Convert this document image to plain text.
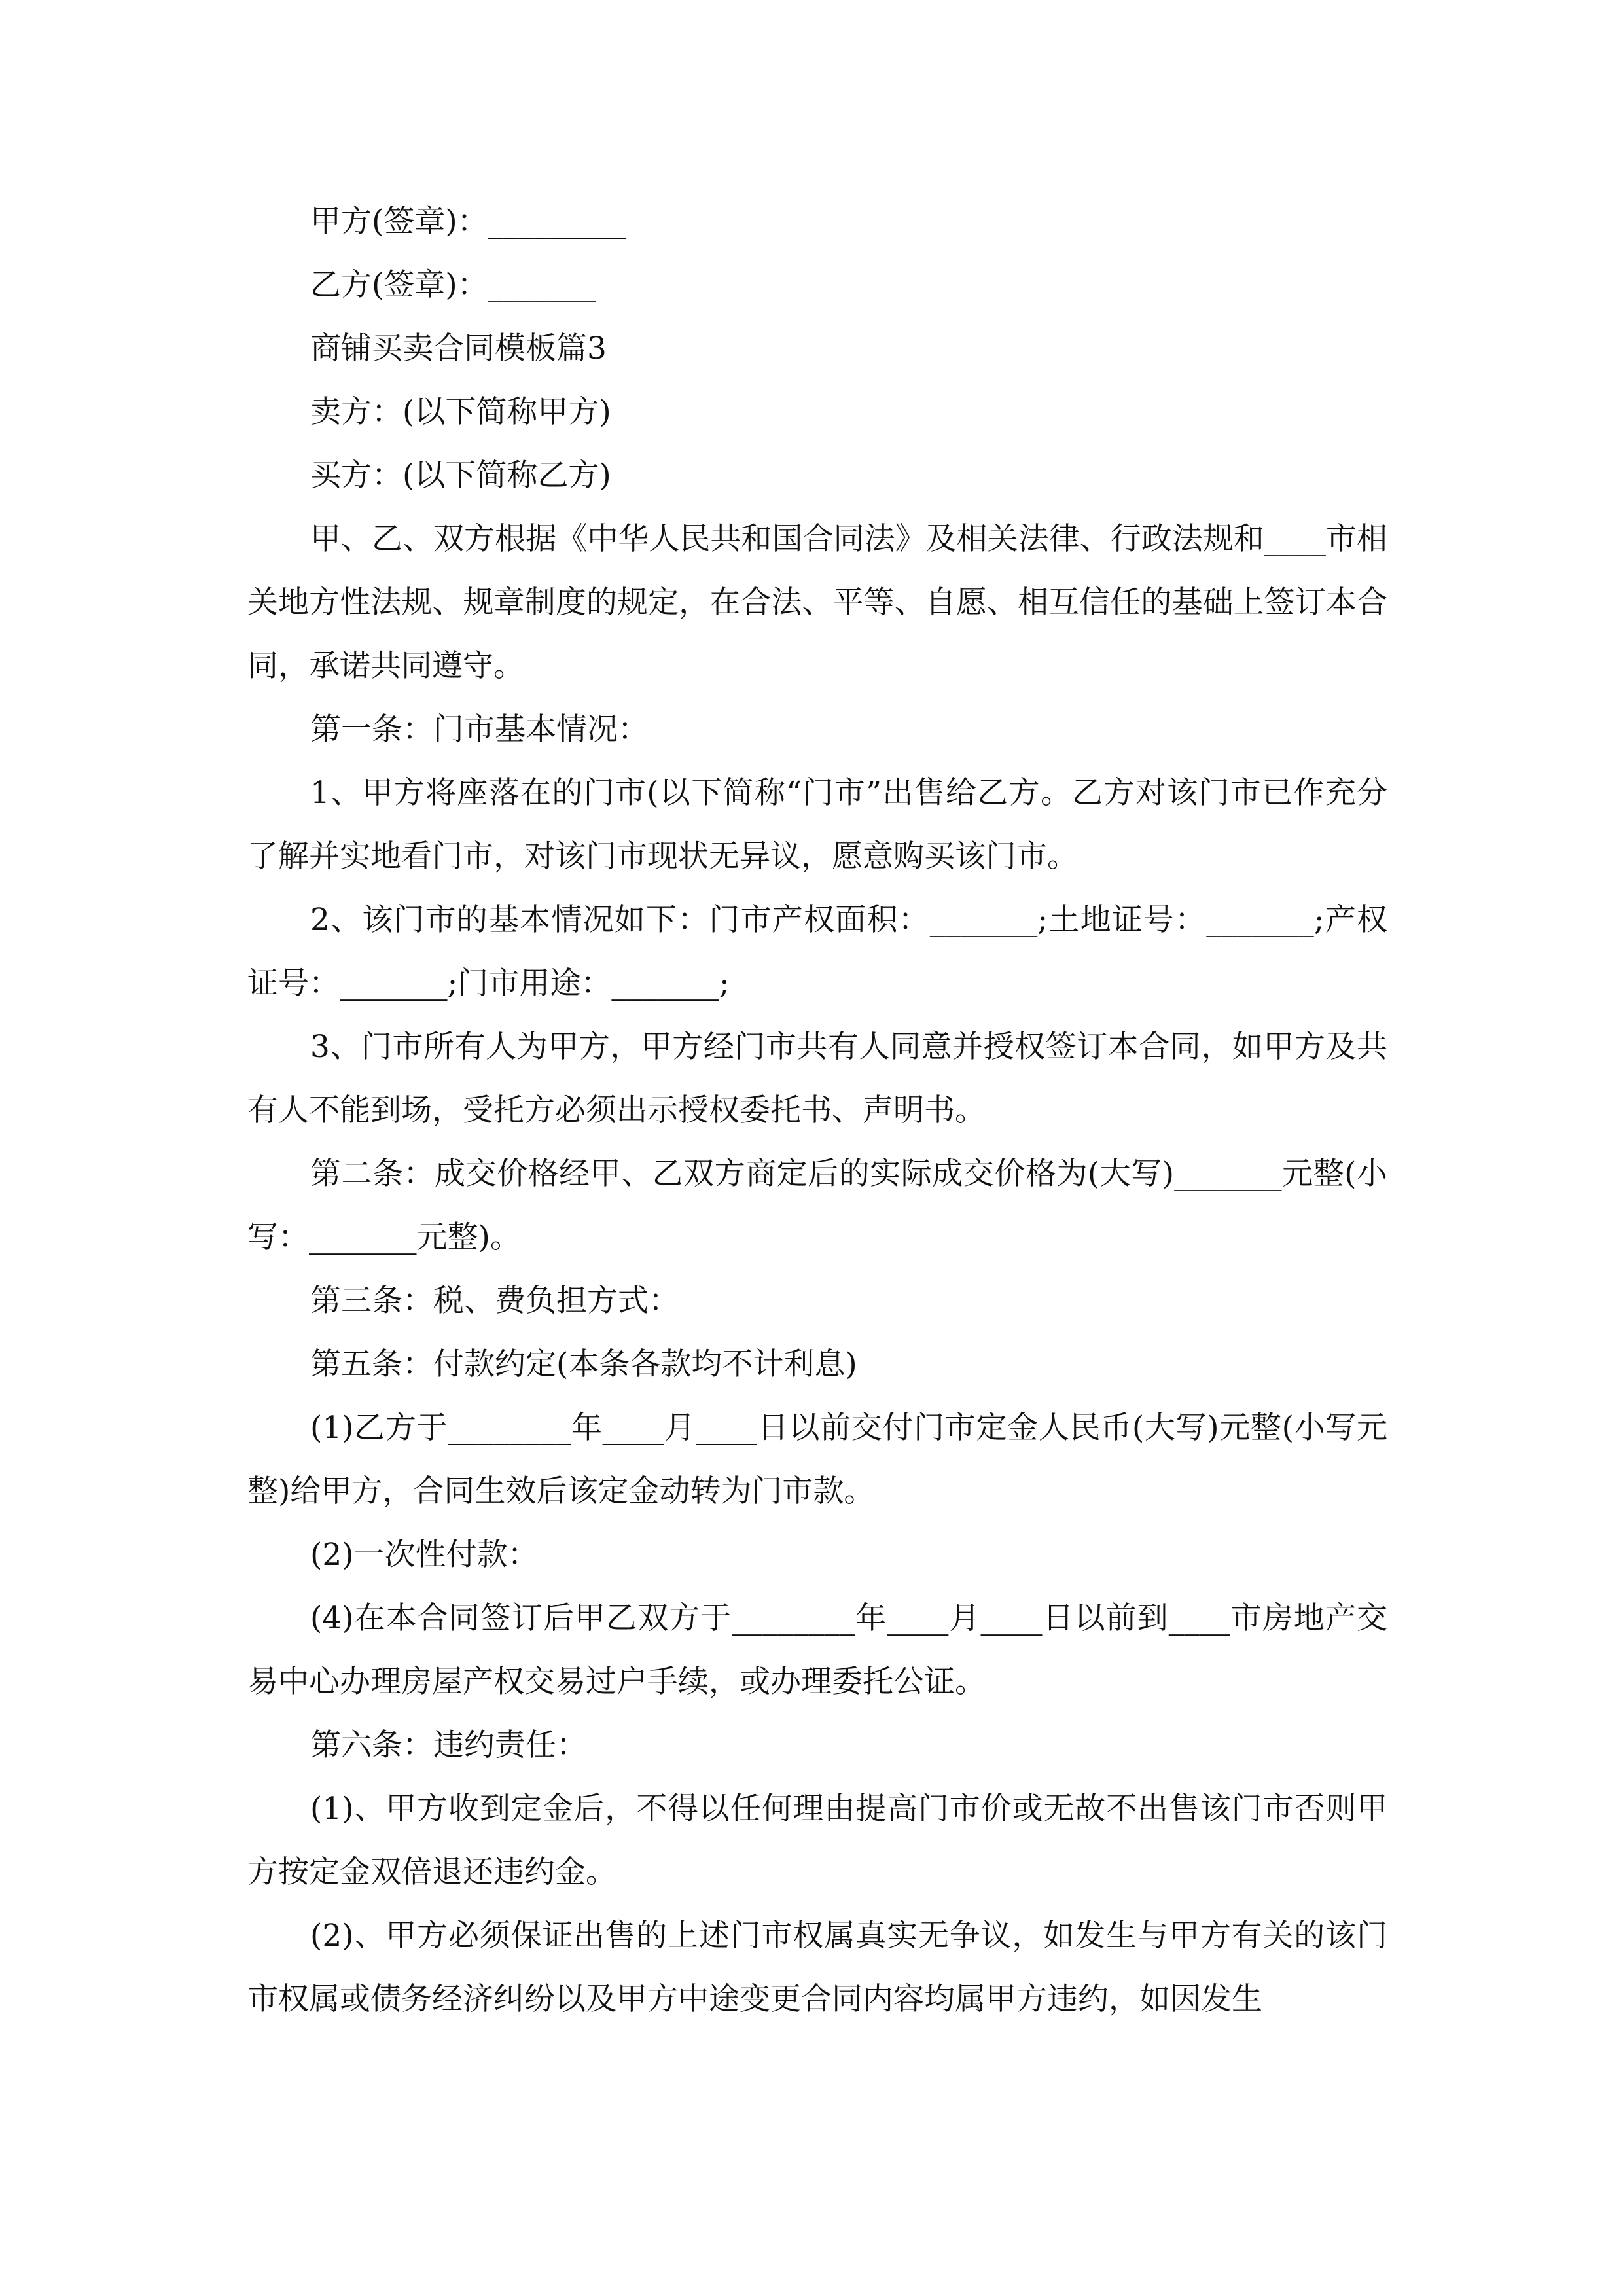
甲方(签章)：_________

乙方(签章)：_______

商铺买卖合同模板篇3

卖方：(以下简称甲方)

买方：(以下简称乙方)

甲、乙、双方根据《中华人民共和国合同法》及相关法律、行政法规和____市相关地方性法规、规章制度的规定，在合法、平等、自愿、相互信任的基础上签订本合同，承诺共同遵守。

第一条：门市基本情况：

1、甲方将座落在的门市(以下简称“门市”出售给乙方。乙方对该门市已作充分了解并实地看门市，对该门市现状无异议，愿意购买该门市。

2、该门市的基本情况如下：门市产权面积：_______;土地证号：_______;产权证号：_______;门市用途：_______;

3、门市所有人为甲方，甲方经门市共有人同意并授权签订本合同，如甲方及共有人不能到场，受托方必须出示授权委托书、声明书。

第二条：成交价格经甲、乙双方商定后的实际成交价格为(大写)_______元整(小写：_______元整)。

第三条：税、费负担方式：

第五条：付款约定(本条各款均不计利息)

(1)乙方于________年____月____日以前交付门市定金人民币(大写)元整(小写元整)给甲方，合同生效后该定金动转为门市款。

(2)一次性付款：

(4)在本合同签订后甲乙双方于________年____月____日以前到____市房地产交易中心办理房屋产权交易过户手续，或办理委托公证。

第六条：违约责任：

(1)、甲方收到定金后，不得以任何理由提高门市价或无故不出售该门市否则甲方按定金双倍退还违约金。

(2)、甲方必须保证出售的上述门市权属真实无争议，如发生与甲方有关的该门市权属或债务经济纠纷以及甲方中途变更合同内容均属甲方违约，如因发生
